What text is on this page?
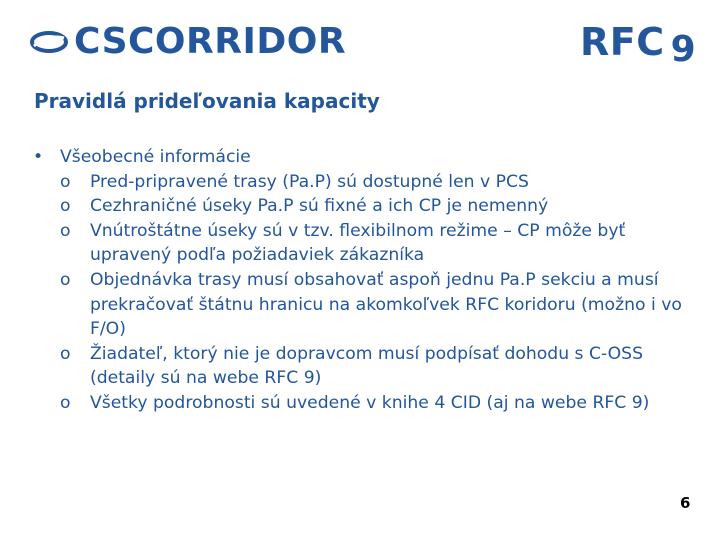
CSCORRIDOR	RFC 9
Pravidlá prideľovania kapacity
• Všeobecné informácie
o	Pred-pripravené trasy (Pa.P) sú dostupné len v PCS
o	Cezhraničné úseky Pa.P sú fixné a ich CP je nemenný
o	Vnútroštátne úseky sú v tzv. flexibilnom režime – CP môže byť upravený podľa požiadaviek zákazníka
o	Objednávka trasy musí obsahovať aspoň jednu Pa.P sekciu a musí prekračovať štátnu hranicu na akomkoľvek RFC koridoru (možno i vo F/O)
o	Žiadateľ, ktorý nie je dopravcom musí podpísať dohodu s C-OSS (detaily sú na webe RFC 9)
o	Všetky podrobnosti sú uvedené v knihe 4 CID (aj na webe RFC 9)
6
